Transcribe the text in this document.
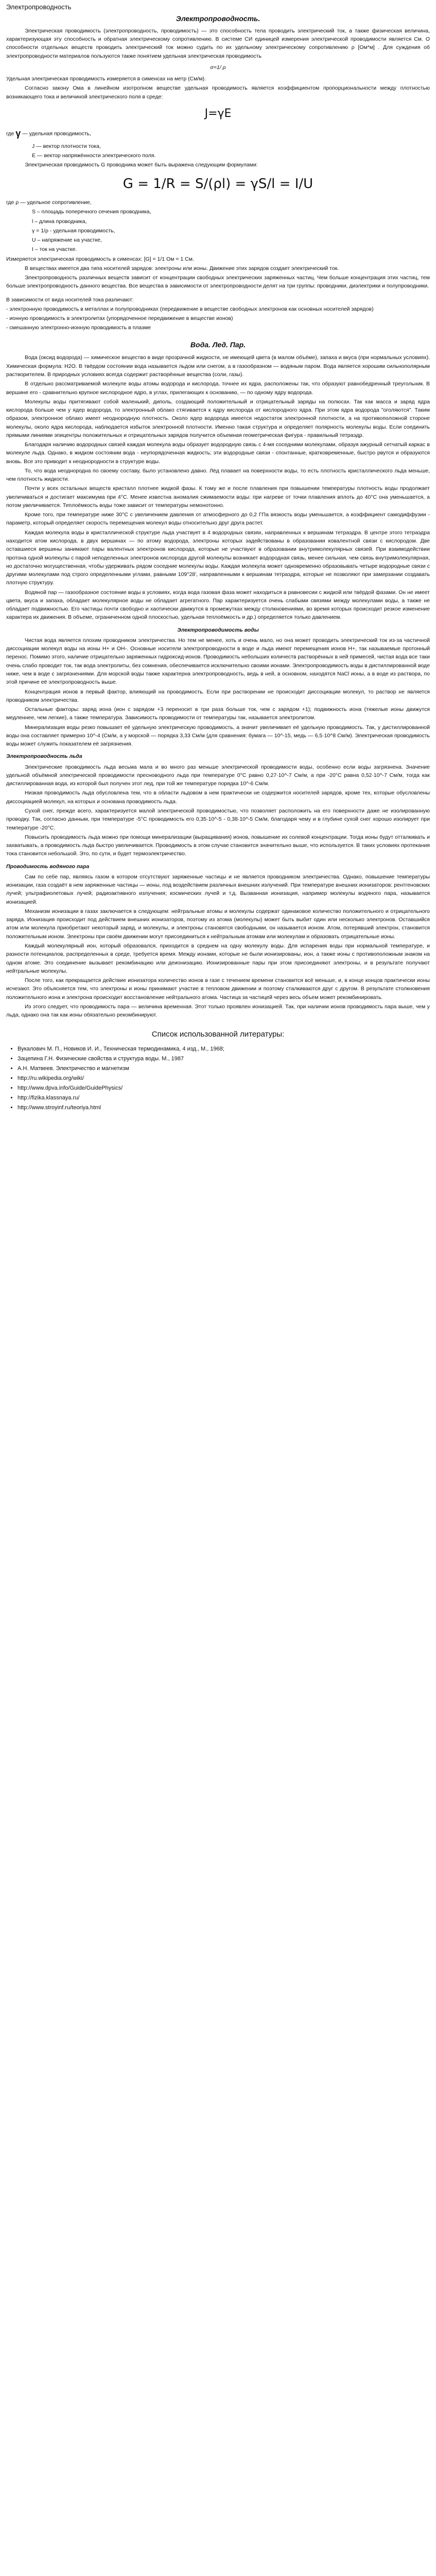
Электропроводность
Электропроводность.

Электрическая проводимость (электропроводность, проводимость) — это способность тела проводить электрический ток, а также физическая величина, характеризующая эту способность и обратная электрическому сопротивлению. В системе СИ единицей измерения электрической проводимости является См. О способности отдельных веществ проводить электрический ток можно судить по их удельному электрическому сопротивлению ρ [Ом*м] . Для суждения об электропроводности материалов пользуются также понятием удельная электрическая проводимость

σ=1/ ρ

Удельная электрическая проводимость измеряется в сименсах на метр (См/м).

Согласно закону Ома в линейном изотропном веществе удельная проводимость является коэффициентом пропорциональности между плотностью возникающего тока и величиной электрического поля в среде:

J=γE
где γ — удельная проводимость,
J — вектор плотности тока,
E — вектор напряжённости электрического поля.

Электрическая проводимость G проводника может быть выражена следующим формулами:

G = 1/R = S/(ρl) = γS/l = I/U
где ρ — удельное сопротивление,
S – площадь поперечного сечения проводника,
l – длина проводника,
γ = 1/ρ - удельная проводимость,
U – напряжение на участке,
I – ток на участке.

Измеряется электрическая проводимость в сименсах: [G] = 1/1 Ом = 1 См.

В веществах имеется два типа носителей зарядов: электроны или ионы. Движение этих зарядов создает электрический ток.

Электропроводность различных веществ зависит от концентрации свободных электрических заряженных частиц. Чем больше концентрация этих частиц, тем больше электропроводность данного вещества. Все вещества в зависимости от электропроводности делят на три группы: проводники, диэлектрики и полупроводники.

В зависимости от вида носителей тока различают:

- электронную проводимость в металлах и полупроводниках (передвижение в веществе свободных электронов как основных носителей зарядов)

- ионную проводимость в электролитах (упорядоченное передвижение в веществе ионов)

- смешанную электронно-ионную проводимость в плазме

Вода. Лед. Пар.

Вода (оксид водорода) — химическое вещество в виде прозрачной жидкости, не имеющей цвета (в малом объёме), запаха и вкуса (при нормальных условиях). Химическая формула: H2O. В твёрдом состоянии вода называется льдом или снегом, а в газообразном — водяным паром. Вода является хорошим сильнополярным растворителем. В природных условиях всегда содержит растворённые вещества (соли, газы).

В отдельно рассматриваемой молекуле воды атомы водорода и кислорода, точнее их ядра, расположены так, что образуют равнобедренный треугольник. В вершине его - сравнительно крупное кислородное ядро, в углах, прилегающих к основанию, — по одному ядру водорода.

Молекулы воды притягивают собой маленький, диполь, создающий положительный и отрицательный заряды на полюсах. Так как масса и заряд ядра кислорода больше чем у ядер водорода, то электронный облако стягивается к ядру кислорода от кислородного ядра. При этом ядра водорода "оголяются". Таким образом, электронное облако имеет неоднородную плотность. Около ядер водорода имеется недостаток электронной плотности, а на противоположной стороне молекулы, около ядра кислорода, наблюдается избыток электронной плотности. Именно такая структура и определяет полярность молекулы воды. Если соединить прямыми линиями эпицентры положительных и отрицательных зарядов получится объемная геометрическая фигура - правильный тетраэдр.

Благодаря наличию водородных связей каждая молекула воды образует водородную связь с 4-мя соседними молекулами, образуя ажурный сетчатый каркас в молекуле льда. Однако, в жидком состоянии вода - неупорядоченная жидкость; эти водородные связи - спонтанные, кратковременные, быстро рвутся и образуются вновь. Все это приводит к неоднородности в структуре воды.

То, что вода неоднородна по своему составу, было установлено давно. Лёд плавает на поверхности воды, то есть плотность кристаллического льда меньше, чем плотность жидкости.

Почти у всех остальных веществ кристалл плотнее жидкой фазы. К тому же и после плавления при повышении температуры плотность воды продолжает увеличиваться и достигает максимума при 4°C. Менее известна аномалия сжимаемости воды: при нагреве от точки плавления вплоть до 40°C она уменьшается, а потом увеличивается. Теплоёмкость воды тоже зависит от температуры немонотонно.

Кроме того, при температуре ниже 30°C с увеличением давления от атмосферного до 0,2 ГПа вязкость воды уменьшается, а коэффициент самодиффузии - параметр, который определяет скорость перемещения молекул воды относительно друг друга растет.

Каждая молекула воды в кристаллической структуре льда участвует в 4 водородных связях, направленных к вершинам тетраэдра. В центре этого тетраэдра находится атом кислорода, в двух вершинах — по атому водорода, электроны которых задействованы в образовании ковалентной связи с кислородом. Две оставшиеся вершины занимают пары валентных электронов кислорода, которые не участвуют в образовании внутримолекулярных связей. При взаимодействии протона одной молекулы с парой неподеленных электронов кислорода другой молекулы возникает водородная связь, менее сильная, чем связь внутримолекулярная, но достаточно могущественная, чтобы удерживать рядом соседние молекулы воды. Каждая молекула может одновременно образовывать четыре водородные связи с другими молекулами под строго определенными углами, равными 109°28', направленными к вершинам тетраэдра, которые не позволяют при замерзании создавать плотную структуру.

Водяной пар — газообразное состояние воды в условиях, когда вода газовая фаза может находиться в равновесии с жидкой или твёрдой фазами. Он не имеет цвета, вкуса и запаха, обладает молекулярное воды не обладает агрегатного. Пар характеризуется очень слабыми связями между молекулами воды, а также не обладает подвижностью. Его частицы почти свободно и хаотически движутся в промежутках между столкновениями, во время которых происходит резкое изменение характера их движения. В объеме, ограниченном одной плоскостью, удельная теплоёмкость и др.) определяется только давлением.

Электропроводимость воды

Чистая вода является плохим проводником электричества. Но тем не менее, хоть и очень мало, но она может проводить электрический ток из-за частичной диссоциации молекул воды на ионы Н+ и ОН-. Основные носители электропроводности в воде и льда имеют перемещения ионов Н+, так называемые протонный перенос. Помимо этого, наличие отрицательно заряженных гидроксид-ионов. Проводимость небольших количеств растворённых в ней примесей, чистая вода все таки очень слабо проводит ток, так вода электролиты, без сомнения, обеспечивается исключительно своими ионами. Электропроводимость воды в дистиллированной воде ниже, чем в воде с загрязнениями. Для морской воды также характерна электропроводность, ведь в ней, в основном, находятся NaCl ионы, а в воде из раствора, по этой причине её электропроводность выше.

Концентрация ионов в первый фактор, влияющий на проводимость. Если при растворении не происходит диссоциации молекул, то раствор не является проводником электричества.

Остальные факторы: заряд иона (ион с зарядом +3 переносит в три раза больше ток, чем с зарядом +1); подвижность иона (тяжелые ионы движутся медленнее, чем легкие), а также температура. Зависимость проводимости от температуры так, называется электролитом.

Минерализация воды резко повышает её удельную электрическую проводимость, а значит увеличивает её удельную проводимость. Так, у дистиллированной воды она составляет примерно 10^-4 (См/м, а у морской — порядка 3,33 См/м (для сравнения: бумага — 10^-15, медь — 6,5·10^8 См/м). Электрическая проводимость воды может служить показателем её загрязнения.

Электропроводность льда

Электрические проводимость льда весьма мала и во много раз меньше электрической проводимости воды, особенно если воды загрязнена. Значение удельной объёмной электрической проводимости пресноводного льда при температуре 0°С равно 0,27·10^-7 См/м, а при -20°С равна 0,52·10^-7 См/м, тогда как дистиллированная вода, из которой был получен этот лед, при той же температуре порядка 10^-6 См/м.

Низкая проводимость льда обусловлена тем, что в области льдовом в нем практически не содержится носителей зарядов, кроме тех, которые обусловлены диссоциацией молекул, на которых и основана проводимость льда.

Сухой снег, прежде всего, характеризуется малой электрической проводимостью, что позволяет расположить на его поверхности даже не изолированную проводку. Так, согласно данным, при температуре -5°С проводимость его 0,35·10^-5 - 0,38·10^-5 См/м, благодаря чему и в глубине сухой снег хорошо изолирует при температуре -20°С.

Повысить проводимость льда можно при помощи минерализации (выращивания) ионов, повышение их солевой концентрации. Тогда ионы будут отталкивать и захватывать, а проводимость льда быстро увеличивается. Проводимость в этом случае становится значительно выше, что используется. В таких условиях протекания тока становится небольшой. Это, по сути, и будет термоэлектричество.

Проводимость водяного пара

Сам по себе пар, являясь газом в котором отсутствуют заряженные частицы и не является проводником электричества. Однако, повышение температуры ионизации, газа создаёт в нем заряженные частицы — ионы, под воздействием различных внешних излучений. При температуре внешних ионизаторов: рентгеновских лучей; ультрафиолетовых лучей; радиоактивного излучения; космических лучей и т.д. Вызванная ионизация, например молекулы водяного пара, называется ионизацией.

Механизм ионизации в газах заключается в следующем: нейтральные атомы и молекулы содержат одинаковое количество положительного и отрицательного заряда. Ионизация происходит под действием внешних ионизаторов, поэтому из атома (молекулы) может быть выбит один или несколько электронов. Оставшийся атом или молекула приобретают некоторый заряд, и молекулы, и электроны становятся свободными, он называется ионом. Атом, потерявший электрон, становится положительным ионом. Электроны при своём движении могут присоединиться к нейтральным атомам или молекулам и образовать отрицательные ионы.

Каждый молекулярный ион, который образовался, приходится в среднем на одну молекулу воды. Для испарения воды при нормальной температуре, и разности потенциалов, распределенных в среде, требуется время. Между ионами, которые не были ионизированы, ион, а также ионы с противоположным знаком на одном атоме. Это соединение вызывает рекомбинацию или деионизацию. Ионизированные пары при этом присоединяют электроны, и в результате получают нейтральные молекулы.

После того, как прекращается действие ионизатора количество ионов в газе с течением времени становится всё меньше, и, в конце концов практически ионы исчезают. Это объясняется тем, что электроны и ионы принимают участие в тепловом движении и поэтому сталкиваются друг с другом. В результате столкновения положительного иона и электрона происходит восстановление нейтрального атома. Частица за частицей через весь объем может рекомбинировать.

Из этого следует, что проводимость пара — величина временная. Этот только проявлен ионизацией. Так, при наличии ионов проводимость пара выше, чем у льда, однако она так как ионы обязательно рекомбинируют.

Список использованной литературы:
• Вукалович М. П., Новиков И. И., Техническая термодинамика, 4 изд., М., 1968;
• Зацепина Г.Н. Физические свойства и структура воды. М., 1987
• А.Н. Матвеев. Электричество и магнетизм
• http://ru.wikipedia.org/wiki/
• http://www.dpva.info/Guide/GuidePhysics/
• http://fizika.klassnaya.ru/
• http://www.stroyinf.ru/teoriya.html
